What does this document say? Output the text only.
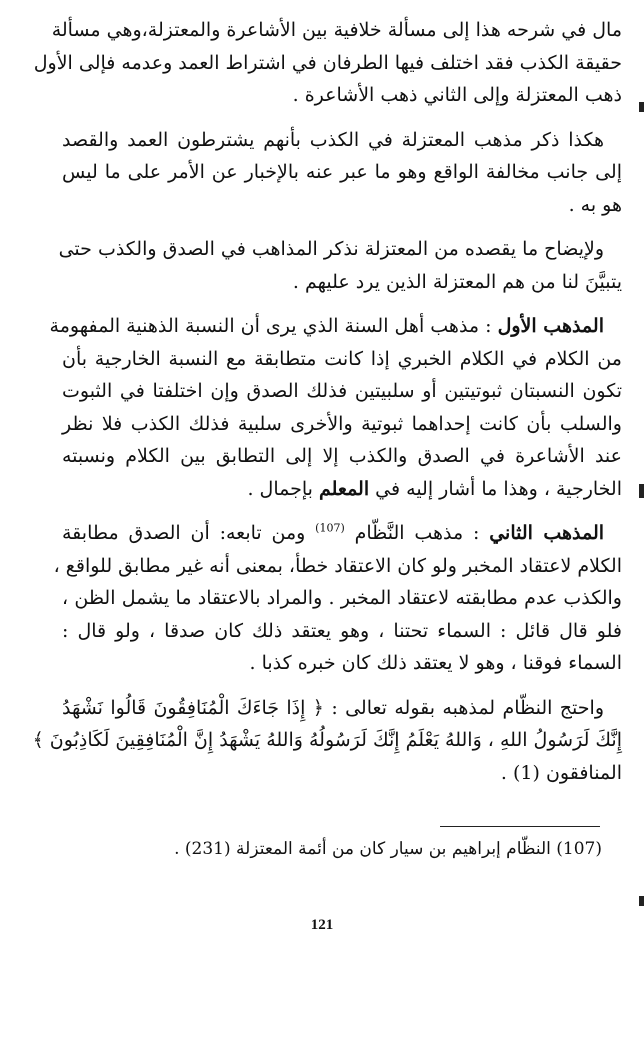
مال في شرحه هذا إلى مسألة خلافية بين الأشاعرة والمعتزلة،وهي مسألة
حقيقة الكذب فقد اختلف فيها الطرفان في اشتراط العمد وعدمه فإلى الأول
ذهب المعتزلة وإلى الثاني ذهب الأشاعرة .

هكذا ذكر مذهب المعتزلة في الكذب بأنهم يشترطون العمد والقصد
إلى جانب مخالفة الواقع وهو ما عبر عنه بالإخبار عن الأمر على ما ليس
هو به .

ولإيضاح ما يقصده من المعتزلة نذكر المذاهب في الصدق والكذب حتى
يتبيَّنَ لنا من هم المعتزلة الذين يرد عليهم .

المذهب الأول : مذهب أهل السنة الذي يرى أن النسبة الذهنية المفهومة
من الكلام في الكلام الخبري إذا كانت متطابقة مع النسبة الخارجية بأن
تكون النسبتان ثبوتيتين أو سلبيتين فذلك الصدق وإن اختلفتا في الثبوت
والسلب بأن كانت إحداهما ثبوتية والأخرى سلبية فذلك الكذب فلا نظر
عند الأشاعرة في الصدق والكذب إلا إلى التطابق بين الكلام ونسبته
الخارجية ، وهذا ما أشار إليه في المعلم بإجمال .

المذهب الثاني : مذهب النَّظّام $^{(107)}$ ومن تابعه: أن الصدق مطابقة
الكلام لاعتقاد المخبر ولو كان الاعتقاد خطأ، بمعنى أنه غير مطابق للواقع ،
والكذب عدم مطابقته لاعتقاد المخبر . والمراد بالاعتقاد ما يشمل الظن ،
فلو قال قائل : السماء تحتنا ، وهو يعتقد ذلك كان صدقا ، ولو قال :
السماء فوقنا ، وهو لا يعتقد ذلك كان خبره كذبا .

واحتج النظّام لمذهبه بقوله تعالى : ﴿ إِذَا جَاءَكَ الْمُنَافِقُونَ قَالُوا نَشْهَدُ
إِنَّكَ لَرَسُولُ اللهِ ، وَاللهُ يَعْلَمُ إِنَّكَ لَرَسُولُهُ وَاللهُ يَشْهَدُ إِنَّ الْمُنَافِقِينَ لَكَاذِبُونَ ﴾
المنافقون (1) .

(107) النظّام إبراهيم بن سيار كان من أئمة المعتزلة (231) .
121
